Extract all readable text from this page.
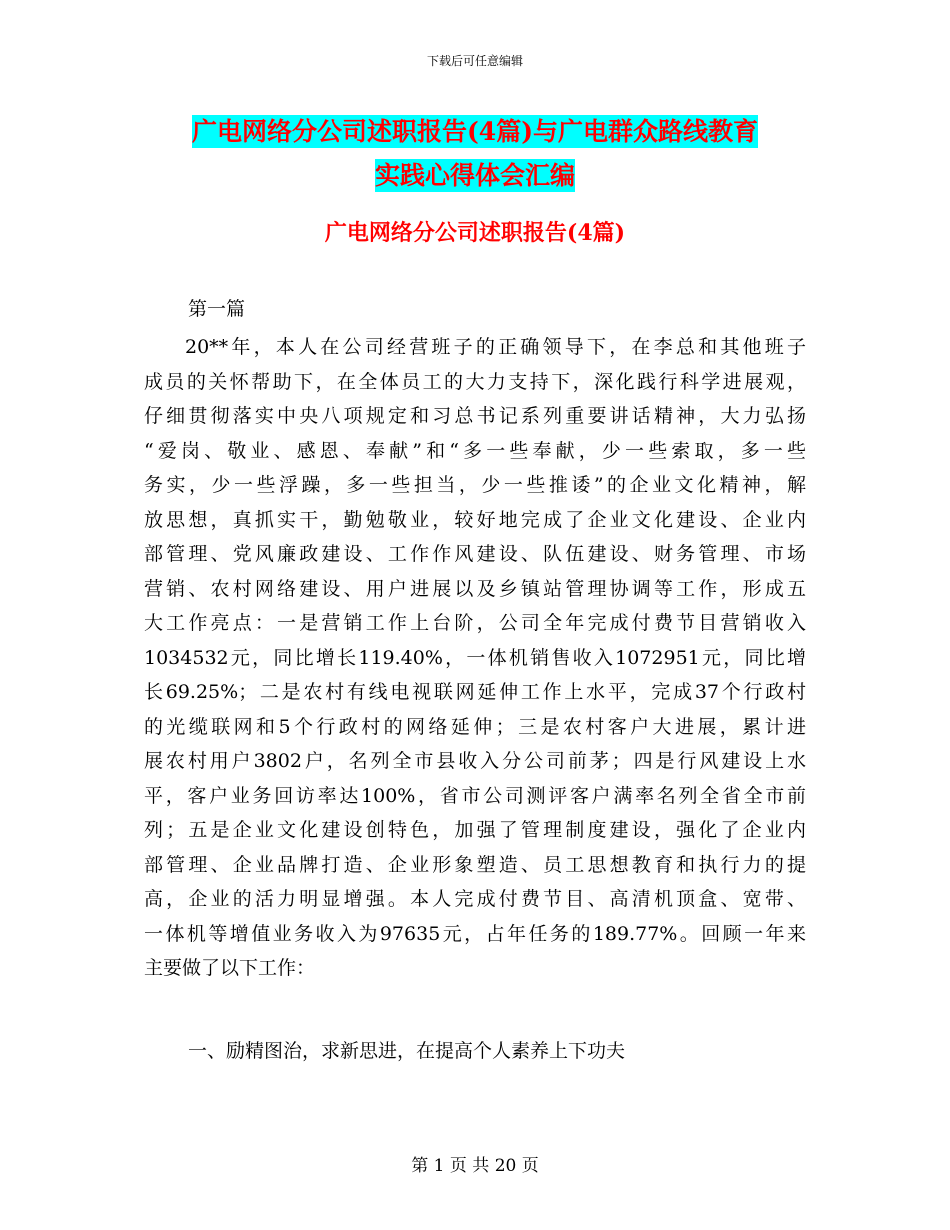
下载后可任意编辑
广电网络分公司述职报告(4篇)与广电群众路线教育
实践心得体会汇编
广电网络分公司述职报告(4篇)
第一篇
20**年，本人在公司经营班子的正确领导下，在李总和其他班子
成员的关怀帮助下，在全体员工的大力支持下，深化践行科学进展观，
仔细贯彻落实中央八项规定和习总书记系列重要讲话精神，大力弘扬
“爱岗、敬业、感恩、奉献”和“多一些奉献，少一些索取，多一些
务实，少一些浮躁，多一些担当，少一些推诿”的企业文化精神，解
放思想，真抓实干，勤勉敬业，较好地完成了企业文化建设、企业内
部管理、党风廉政建设、工作作风建设、队伍建设、财务管理、市场
营销、农村网络建设、用户进展以及乡镇站管理协调等工作，形成五
大工作亮点：一是营销工作上台阶，公司全年完成付费节目营销收入
1034532元，同比增长119.40%，一体机销售收入1072951元，同比增
长69.25%；二是农村有线电视联网延伸工作上水平，完成37个行政村
的光缆联网和5个行政村的网络延伸；三是农村客户大进展，累计进
展农村用户3802户，名列全市县收入分公司前茅；四是行风建设上水
平，客户业务回访率达100%，省市公司测评客户满率名列全省全市前
列；五是企业文化建设创特色，加强了管理制度建设，强化了企业内
部管理、企业品牌打造、企业形象塑造、员工思想教育和执行力的提
高，企业的活力明显增强。本人完成付费节目、高清机顶盒、宽带、
一体机等增值业务收入为97635元，占年任务的189.77%。回顾一年来
主要做了以下工作：
一、励精图治，求新思进，在提高个人素养上下功夫
第 1 页 共 20 页
